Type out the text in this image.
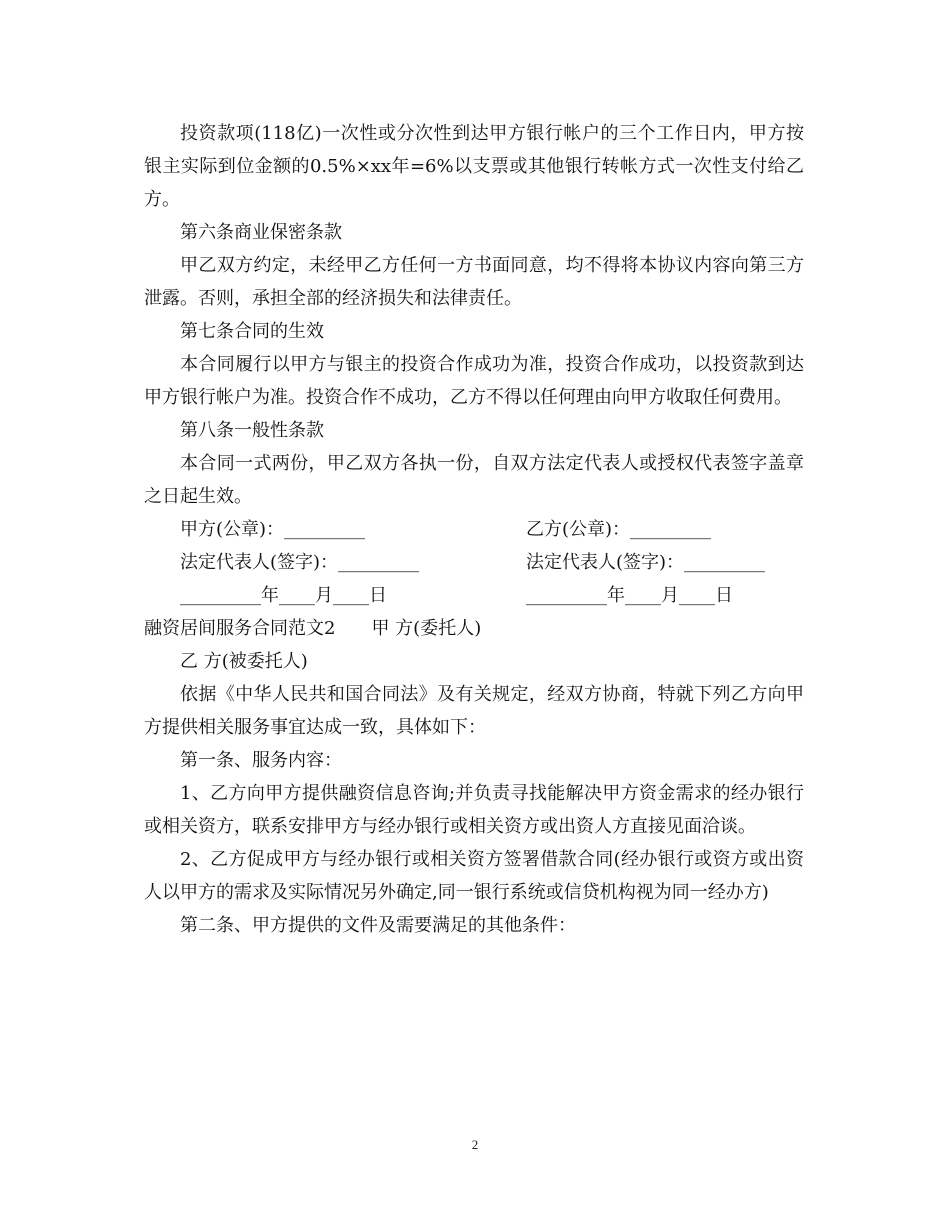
投资款项(118亿)一次性或分次性到达甲方银行帐户的三个工作日内，甲方按银主实际到位金额的0.5%×xx年=6%以支票或其他银行转帐方式一次性支付给乙方。

第六条商业保密条款

甲乙双方约定，未经甲乙方任何一方书面同意，均不得将本协议内容向第三方泄露。否则，承担全部的经济损失和法律责任。

第七条合同的生效

本合同履行以甲方与银主的投资合作成功为准，投资合作成功，以投资款到达甲方银行帐户为准。投资合作不成功，乙方不得以任何理由向甲方收取任何费用。

第八条一般性条款

本合同一式两份，甲乙双方各执一份，自双方法定代表人或授权代表签字盖章之日起生效。

甲方(公章)：_________	乙方(公章)：_________
法定代表人(签字)：_________	法定代表人(签字)：_________
_________年____月____日	_________年____月____日

融资居间服务合同范文2 甲 方(委托人)

乙 方(被委托人)

依据《中华人民共和国合同法》及有关规定，经双方协商，特就下列乙方向甲方提供相关服务事宜达成一致，具体如下：

第一条、服务内容：

1、乙方向甲方提供融资信息咨询;并负责寻找能解决甲方资金需求的经办银行或相关资方，联系安排甲方与经办银行或相关资方或出资人方直接见面洽谈。

2、乙方促成甲方与经办银行或相关资方签署借款合同(经办银行或资方或出资人以甲方的需求及实际情况另外确定,同一银行系统或信贷机构视为同一经办方)

第二条、甲方提供的文件及需要满足的其他条件：

2
